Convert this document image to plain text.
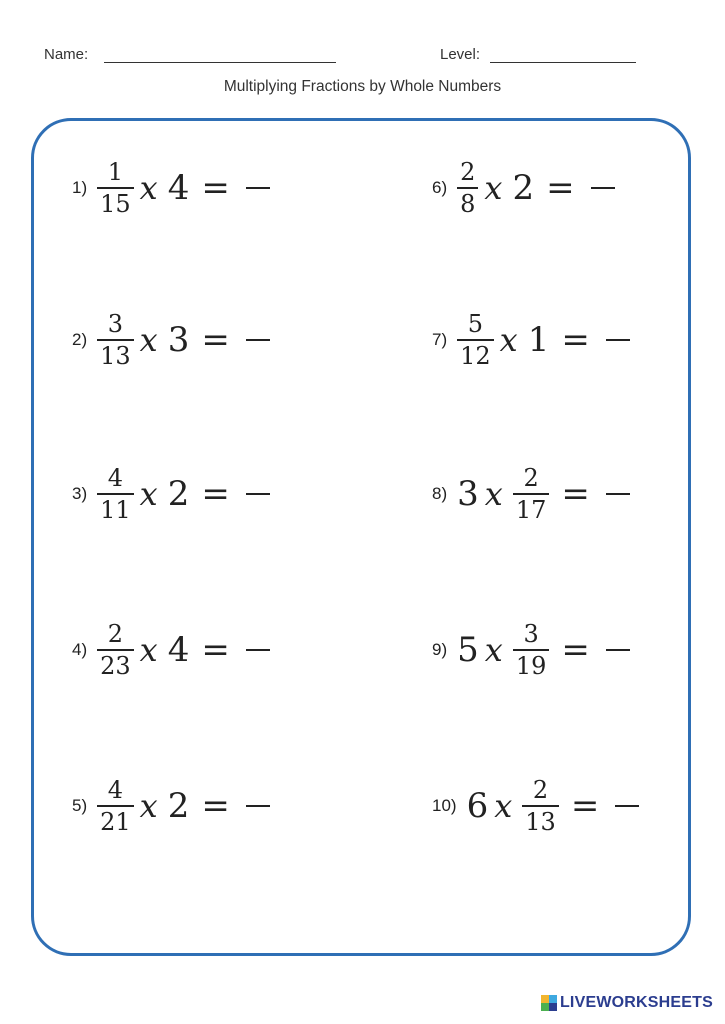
Name:	Level:
Multiplying Fractions by Whole Numbers
$1) \frac{1}{15}$ x 4 =
$2) \frac{3}{13}$ x 3 =
$3) \frac{4}{11}$ x 2 =
$4) \frac{2}{23}$ x 4 =
$5) \frac{4}{21}$ x 2 =
$6) \frac{2}{8}$ x 2 =
$7) \frac{5}{12}$ x 1 =
8) 3 x $\frac{2}{17}$ =
9) 5 x $\frac{3}{19}$ =
10) 6 x $\frac{2}{13}$ =
LIVEWORKSHEETS
